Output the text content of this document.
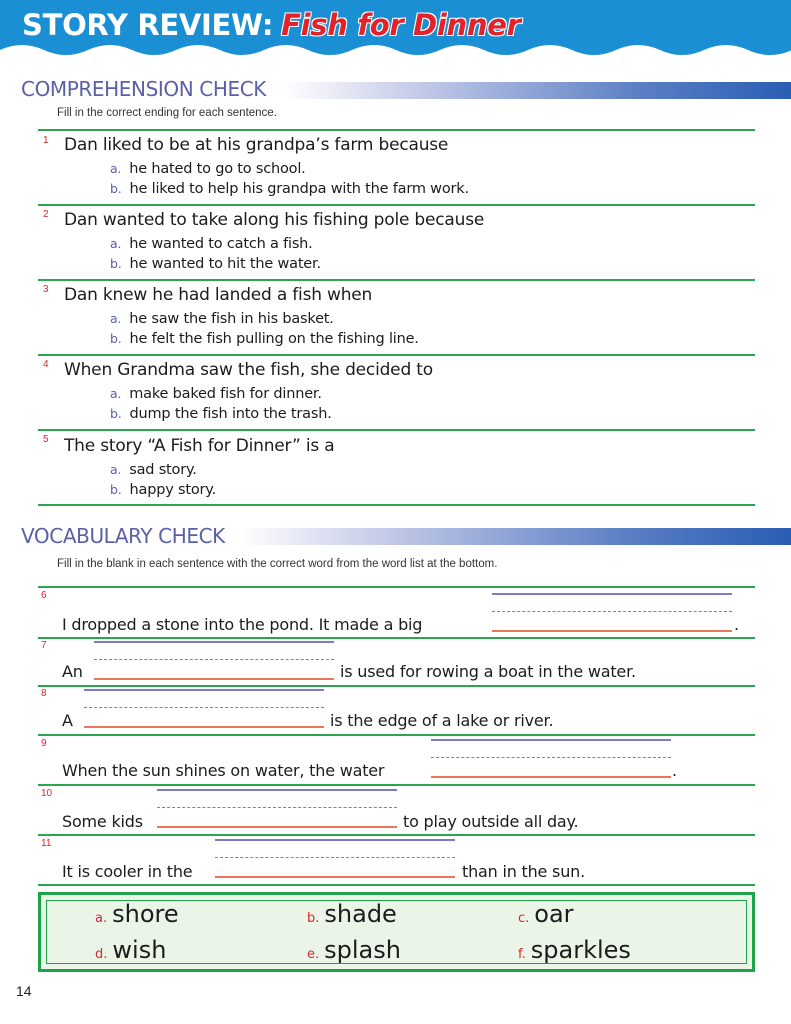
STORY REVIEW: Fish for Dinner
COMPREHENSION CHECK
Fill in the correct ending for each sentence.
1 Dan liked to be at his grandpa’s farm because
a. he hated to go to school.
b. he liked to help his grandpa with the farm work.
2 Dan wanted to take along his fishing pole because
a. he wanted to catch a fish.
b. he wanted to hit the water.
3 Dan knew he had landed a fish when
a. he saw the fish in his basket.
b. he felt the fish pulling on the fishing line.
4 When Grandma saw the fish, she decided to
a. make baked fish for dinner.
b. dump the fish into the trash.
5 The story “A Fish for Dinner” is a
a. sad story.
b. happy story.
VOCABULARY CHECK
Fill in the blank in each sentence with the correct word from the word list at the bottom.
6
I dropped a stone into the pond. It made a big	.
7
An	is used for rowing a boat in the water.
8
A	is the edge of a lake or river.
9
When the sun shines on water, the water	.
10
Some kids	to play outside all day.
11
It is cooler in the	than in the sun.
a. shore	b. shade	c. oar
d. wish	e. splash	f. sparkles
14
